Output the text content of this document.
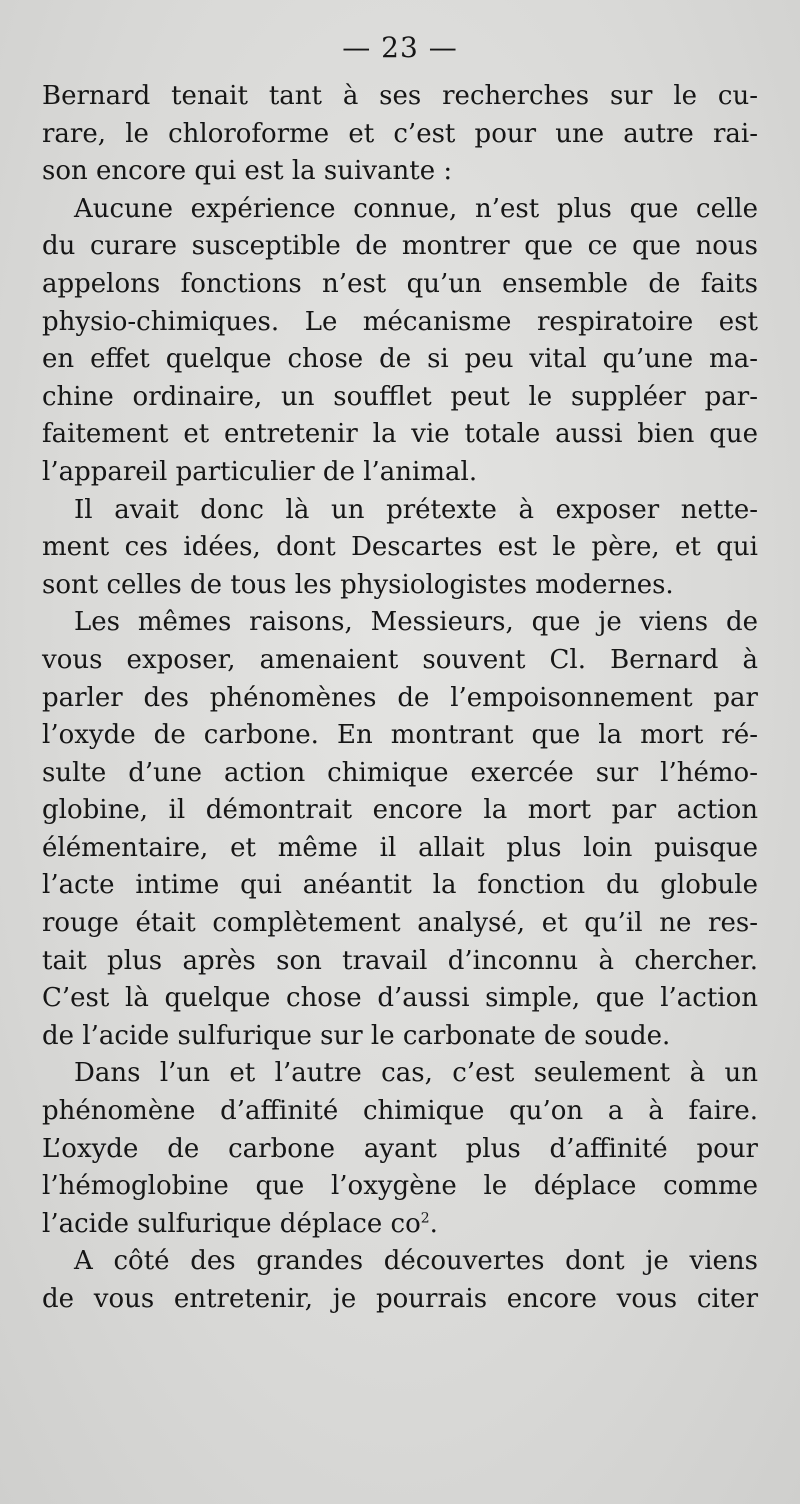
— 23 —
Bernard tenait tant à ses recherches sur le cu-
rare, le chloroforme et c’est pour une autre rai-
son encore qui est la suivante :
Aucune expérience connue, n’est plus que celle
du curare susceptible de montrer que ce que nous
appelons fonctions n’est qu’un ensemble de faits
physio-chimiques. Le mécanisme respiratoire est
en effet quelque chose de si peu vital qu’une ma-
chine ordinaire, un soufflet peut le suppléer par-
faitement et entretenir la vie totale aussi bien que
l’appareil particulier de l’animal.
Il avait donc là un prétexte à exposer nette-
ment ces idées, dont Descartes est le père, et qui
sont celles de tous les physiologistes modernes.
Les mêmes raisons, Messieurs, que je viens de
vous exposer, amenaient souvent Cl. Bernard à
parler des phénomènes de l’empoisonnement par
l’oxyde de carbone. En montrant que la mort ré-
sulte d’une action chimique exercée sur l’hémo-
globine, il démontrait encore la mort par action
élémentaire, et même il allait plus loin puisque
l’acte intime qui anéantit la fonction du globule
rouge était complètement analysé, et qu’il ne res-
tait plus après son travail d’inconnu à chercher.
C’est là quelque chose d’aussi simple, que l’action
de l’acide sulfurique sur le carbonate de soude.
Dans l’un et l’autre cas, c’est seulement à un
phénomène d’affinité chimique qu’on a à faire.
L’oxyde de carbone ayant plus d’affinité pour
l’hémoglobine que l’oxygène le déplace comme
l’acide sulfurique déplace $co^2$.
A côté des grandes découvertes dont je viens
de vous entretenir, je pourrais encore vous citer
